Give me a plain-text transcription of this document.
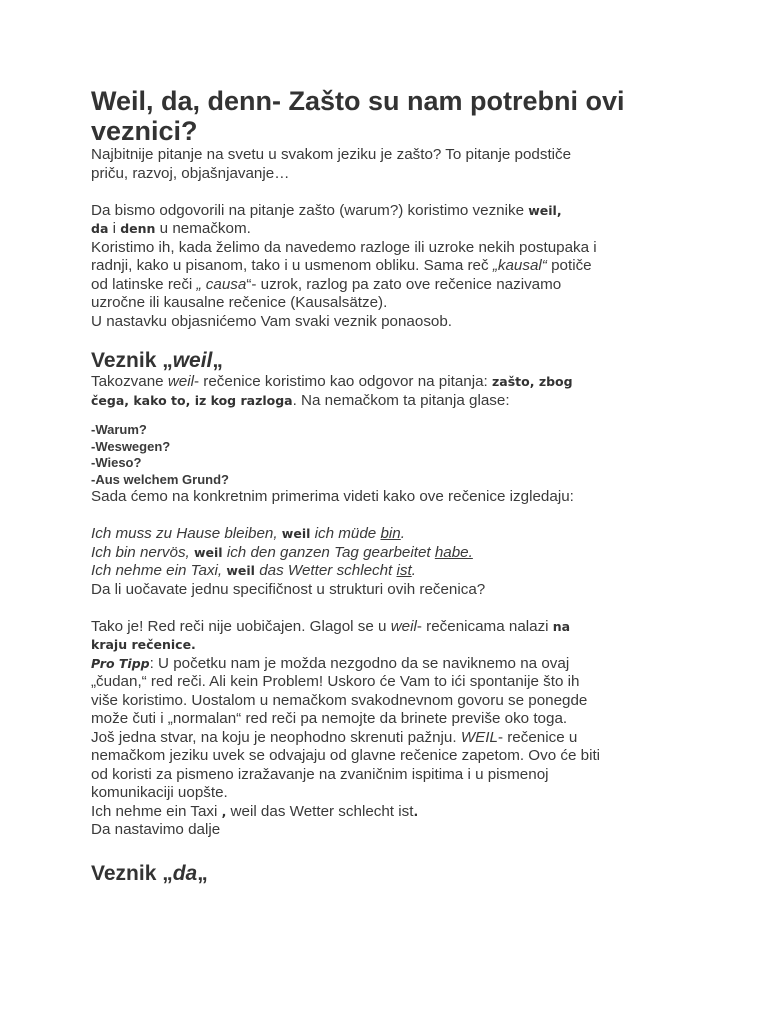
Weil, da, denn- Zašto su nam potrebni ovi
veznici?
Najbitnije pitanje na svetu u svakom jeziku je zašto? To pitanje podstiče
priču, razvoj, objašnjavanje…

Da bismo odgovorili na pitanje zašto (warum?) koristimo veznike weil,
da i denn u nemačkom.
Koristimo ih, kada želimo da navedemo razloge ili uzroke nekih postupaka i
radnji, kako u pisanom, tako i u usmenom obliku. Sama reč „kausal“ potiče
od latinske reči „ causa“- uzrok, razlog pa zato ove rečenice nazivamo
uzročne ili kausalne rečenice (Kausalsätze).
U nastavku objasnićemo Vam svaki veznik ponaosob.
Veznik „weil„
Takozvane weil- rečenice koristimo kao odgovor na pitanja: zašto, zbog
čega, kako to, iz kog razloga. Na nemačkom ta pitanja glase:
-Warum?
-Weswegen?
-Wieso?
-Aus welchem Grund?
Sada ćemo na konkretnim primerima videti kako ove rečenice izgledaju:

Ich muss zu Hause bleiben, weil ich müde bin.
Ich bin nervös, weil ich den ganzen Tag gearbeitet habe.
Ich nehme ein Taxi, weil das Wetter schlecht ist.
Da li uočavate jednu specifičnost u strukturi ovih rečenica?

Tako je! Red reči nije uobičajen. Glagol se u weil- rečenicama nalazi na
kraju rečenice.
Pro Tipp: U početku nam je možda nezgodno da se naviknemo na ovaj
„čudan,“ red reči. Ali kein Problem! Uskoro će Vam to ići spontanije što ih
više koristimo. Uostalom u nemačkom svakodnevnom govoru se ponegde
može čuti i „normalan“ red reči pa nemojte da brinete previše oko toga.
Još jedna stvar, na koju je neophodno skrenuti pažnju. WEIL- rečenice u
nemačkom jeziku uvek se odvajaju od glavne rečenice zapetom. Ovo će biti
od koristi za pismeno izražavanje na zvaničnim ispitima i u pismenoj
komunikaciji uopšte.
Ich nehme ein Taxi , weil das Wetter schlecht ist.
Da nastavimo dalje
Veznik „da„
